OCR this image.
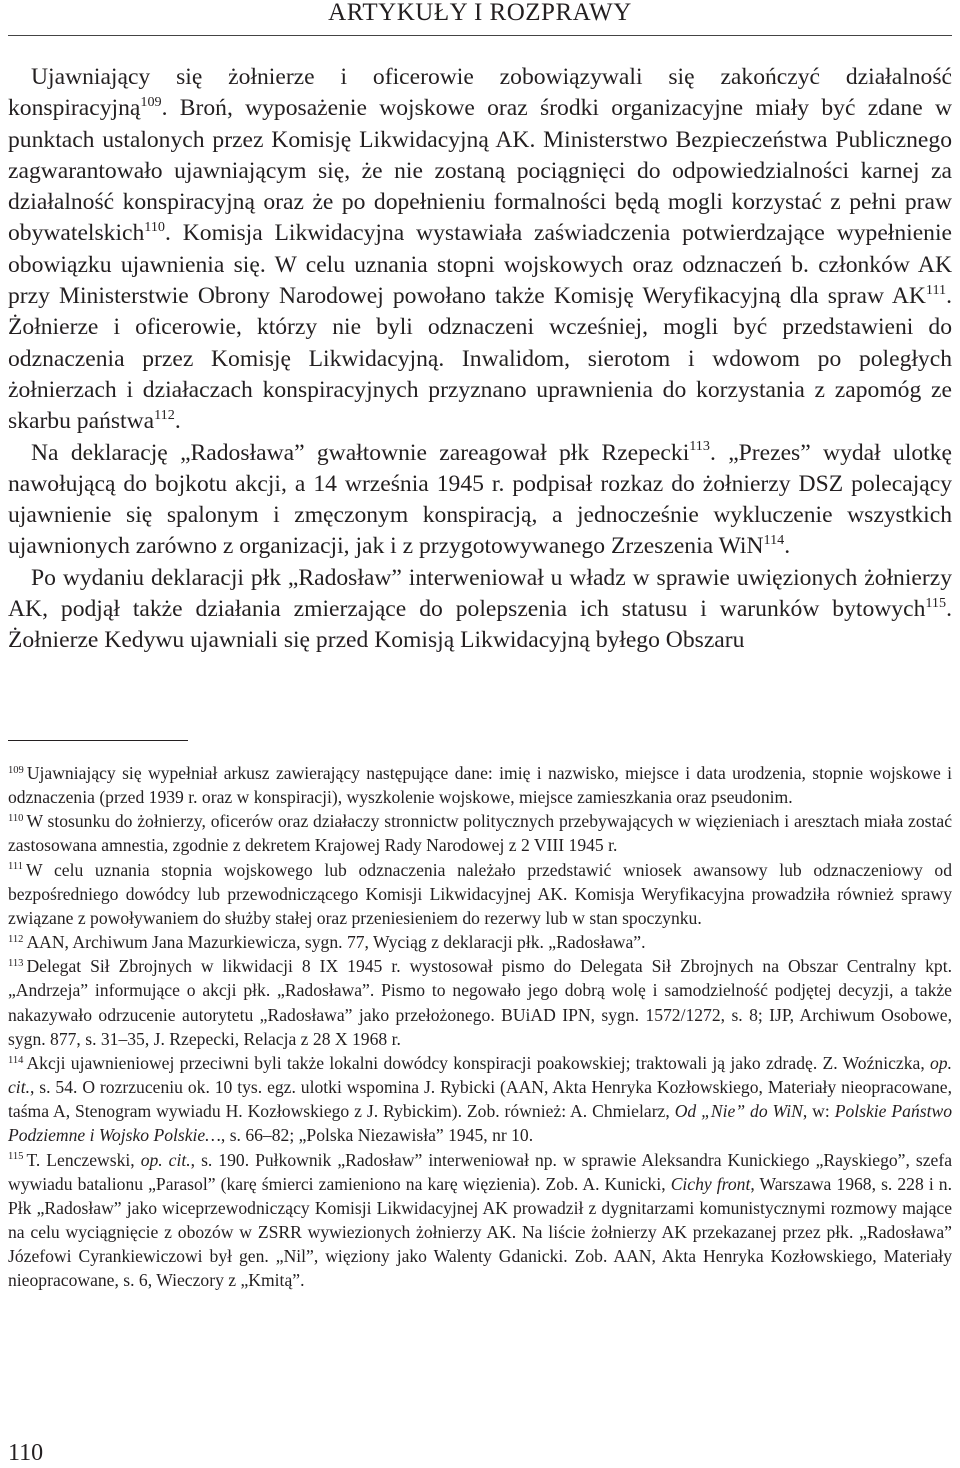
ARTYKUŁY I ROZPRAWY

Ujawniający się żołnierze i oficerowie zobowiązywali się zakończyć działalność konspiracyjną$^{109}$. Broń, wyposażenie wojskowe oraz środki organizacyjne miały być zdane w punktach ustalonych przez Komisję Likwidacyjną AK. Ministerstwo Bezpieczeństwa Publicznego zagwarantowało ujawniającym się, że nie zostaną pociągnięci do odpowiedzialności karnej za działalność konspiracyjną oraz że po dopełnieniu formalności będą mogli korzystać z pełni praw obywatelskich$^{110}$. Komisja Likwidacyjna wystawiała zaświadczenia potwierdzające wypełnienie obowiązku ujawnienia się. W celu uznania stopni wojskowych oraz odznaczeń b. członków AK przy Ministerstwie Obrony Narodowej powołano także Komisję Weryfikacyjną dla spraw AK$^{111}$. Żołnierze i oficerowie, którzy nie byli odznaczeni wcześniej, mogli być przedstawieni do odznaczenia przez Komisję Likwidacyjną. Inwalidom, sierotom i wdowom po poległych żołnierzach i działaczach konspiracyjnych przyznano uprawnienia do korzystania z zapomóg ze skarbu państwa$^{112}$.

Na deklarację „Radosława” gwałtownie zareagował płk Rzepecki$^{113}$. „Prezes” wydał ulotkę nawołującą do bojkotu akcji, a 14 września 1945 r. podpisał rozkaz do żołnierzy DSZ polecający ujawnienie się spalonym i zmęczonym konspiracją, a jednocześnie wykluczenie wszystkich ujawnionych zarówno z organizacji, jak i z przygotowywanego Zrzeszenia WiN$^{114}$.

Po wydaniu deklaracji płk „Radosław” interweniował u władz w sprawie uwięzionych żołnierzy AK, podjął także działania zmierzające do polepszenia ich statusu i warunków bytowych$^{115}$. Żołnierze Kedywu ujawniali się przed Komisją Likwidacyjną byłego Obszaru

$^{109}$ Ujawniający się wypełniał arkusz zawierający następujące dane: imię i nazwisko, miejsce i data urodzenia, stopnie wojskowe i odznaczenia (przed 1939 r. oraz w konspiracji), wyszkolenie wojskowe, miejsce zamieszkania oraz pseudonim.

$^{110}$ W stosunku do żołnierzy, oficerów oraz działaczy stronnictw politycznych przebywających w więzieniach i aresztach miała zostać zastosowana amnestia, zgodnie z dekretem Krajowej Rady Narodowej z 2 VIII 1945 r.

$^{111}$ W celu uznania stopnia wojskowego lub odznaczenia należało przedstawić wniosek awansowy lub odznaczeniowy od bezpośredniego dowódcy lub przewodniczącego Komisji Likwidacyjnej AK. Komisja Weryfikacyjna prowadziła również sprawy związane z powoływaniem do służby stałej oraz przeniesieniem do rezerwy lub w stan spoczynku.

$^{112}$ AAN, Archiwum Jana Mazurkiewicza, sygn. 77, Wyciąg z deklaracji płk. „Radosława”.

$^{113}$ Delegat Sił Zbrojnych w likwidacji 8 IX 1945 r. wystosował pismo do Delegata Sił Zbrojnych na Obszar Centralny kpt. „Andrzeja” informujące o akcji płk. „Radosława”. Pismo to negowało jego dobrą wolę i samodzielność podjętej decyzji, a także nakazywało odrzucenie autorytetu „Radosława” jako przełożonego. BUiAD IPN, sygn. 1572/1272, s. 8; IJP, Archiwum Osobowe, sygn. 877, s. 31–35, J. Rzepecki, Relacja z 28 X 1968 r.

$^{114}$ Akcji ujawnieniowej przeciwni byli także lokalni dowódcy konspiracji poakowskiej; traktowali ją jako zdradę. Z. Woźniczka, op. cit., s. 54. O rozrzuceniu ok. 10 tys. egz. ulotki wspomina J. Rybicki (AAN, Akta Henryka Kozłowskiego, Materiały nieopracowane, taśma A, Stenogram wywiadu H. Kozłowskiego z J. Rybickim). Zob. również: A. Chmielarz, Od „Nie” do WiN, w: Polskie Państwo Podziemne i Wojsko Polskie…, s. 66–82; „Polska Niezawisła” 1945, nr 10.

$^{115}$ T. Lenczewski, op. cit., s. 190. Pułkownik „Radosław” interweniował np. w sprawie Aleksandra Kunickiego „Rayskiego”, szefa wywiadu batalionu „Parasol” (karę śmierci zamieniono na karę więzienia). Zob. A. Kunicki, Cichy front, Warszawa 1968, s. 228 i n. Płk „Radosław” jako wiceprzewodniczący Komisji Likwidacyjnej AK prowadził z dygnitarzami komunistycznymi rozmowy mające na celu wyciągnięcie z obozów w ZSRR wywiezionych żołnierzy AK. Na liście żołnierzy AK przekazanej przez płk. „Radosława” Józefowi Cyrankiewiczowi był gen. „Nil”, więziony jako Walenty Gdanicki. Zob. AAN, Akta Henryka Kozłowskiego, Materiały nieopracowane, s. 6, Wieczory z „Kmitą”.

110
